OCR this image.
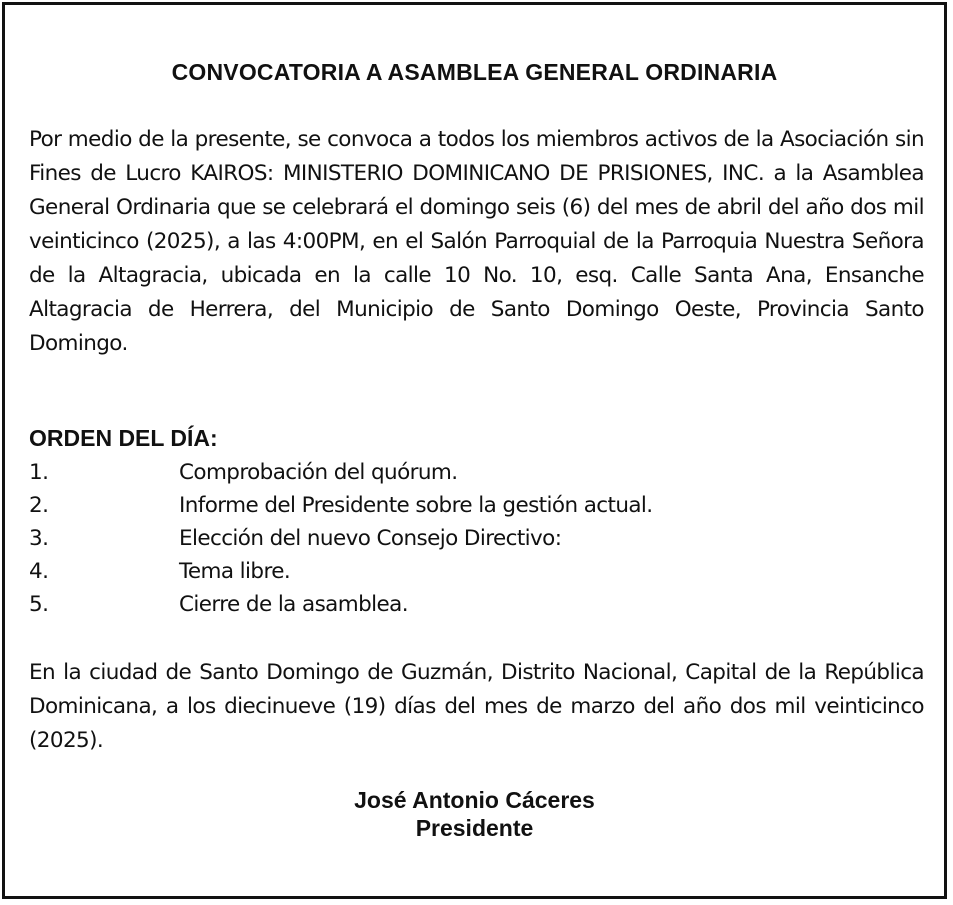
CONVOCATORIA A ASAMBLEA GENERAL ORDINARIA
Por medio de la presente, se convoca a todos los miembros activos de la Asociación sin Fines de Lucro KAIROS: MINISTERIO DOMINICANO DE PRISIONES, INC. a la Asamblea General Ordinaria que se celebrará el domingo seis (6) del mes de abril del año dos mil veinticinco (2025), a las 4:00PM, en el Salón Parroquial de la Parroquia Nuestra Señora de la Altagracia, ubicada en la calle 10 No. 10, esq. Calle Santa Ana, Ensanche Altagracia de Herrera, del Municipio de Santo Domingo Oeste, Provincia Santo Domingo.
ORDEN DEL DÍA:
1.	Comprobación del quórum.
2.	Informe del Presidente sobre la gestión actual.
3.	Elección del nuevo Consejo Directivo:
4.	Tema libre.
5.	Cierre de la asamblea.
En la ciudad de Santo Domingo de Guzmán, Distrito Nacional, Capital de la República Dominicana, a los diecinueve (19) días del mes de marzo del año dos mil veinticinco (2025).
José Antonio Cáceres
Presidente
